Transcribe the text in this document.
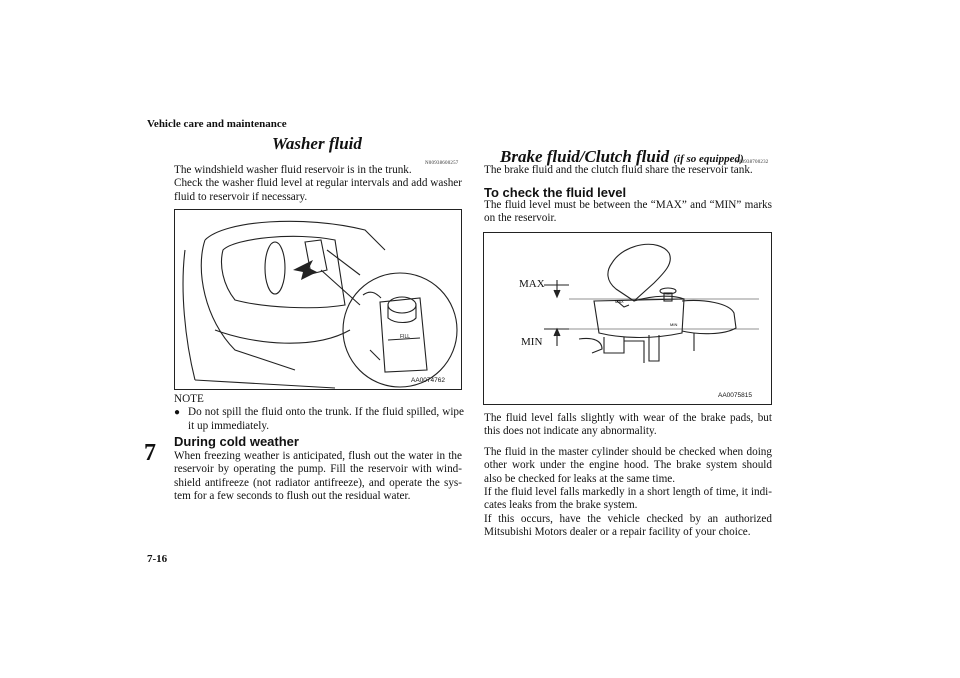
Vehicle care and maintenance
7
7-16
Washer fluid
N00938600257

The windshield washer fluid reservoir is in the trunk.

Check the washer fluid level at regular intervals and add washer fluid to reservoir if necessary.

FILL
AA0074762

NOTE

● Do not spill the fluid onto the trunk. If the fluid spilled, wipe it up immediately.

During cold weather
When freezing weather is anticipated, flush out the water in the reservoir by operating the pump. Fill the reservoir with wind-shield antifreeze (not radiator antifreeze), and operate the sys-tem for a few seconds to flush out the residual water.
Brake fluid/Clutch fluid (if so equipped)
N00938700232
The brake fluid and the clutch fluid share the reservoir tank.
To check the fluid level
The fluid level must be between the “MAX” and “MIN” marks on the reservoir.
MAX
MIN
MAX
MIN
AA0075815
The fluid level falls slightly with wear of the brake pads, but this does not indicate any abnormality.
The fluid in the master cylinder should be checked when doing other work under the engine hood. The brake system should also be checked for leaks at the same time.
If the fluid level falls markedly in a short length of time, it indi-cates leaks from the brake system.
If this occurs, have the vehicle checked by an authorized Mitsubishi Motors dealer or a repair facility of your choice.
